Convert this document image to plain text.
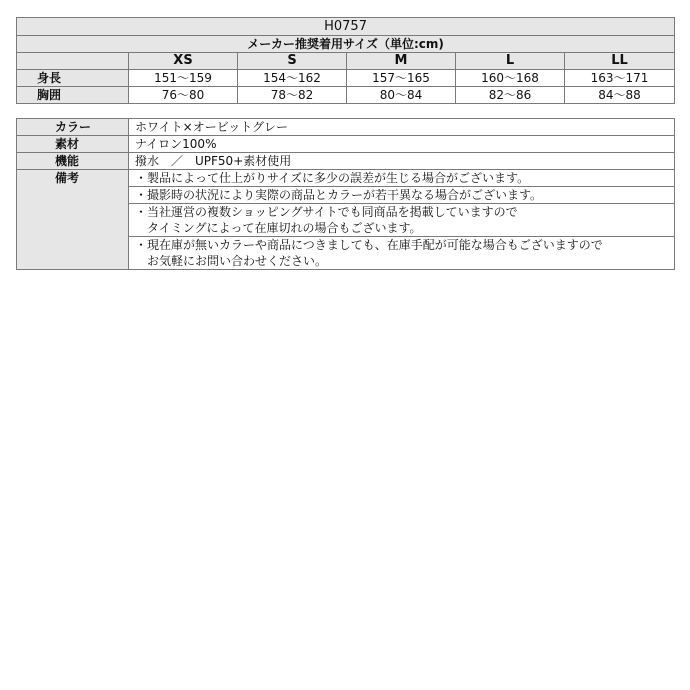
H0757					
メーカー推奨着用サイズ（単位:cm)					
	XS	S	M	L	LL
身長	151～159	154～162	157～165	160～168	163～171
胸囲	76～80	78～82	80～84	82～86	84～88
カラー	ホワイト×オービットグレー
素材	ナイロン100%
機能	撥水　／　UPF50+素材使用
備考	・製品によって仕上がりサイズに多少の誤差が生じる場合がございます。
	・撮影時の状況により実際の商品とカラーが若干異なる場合がございます。
	・当社運営の複数ショッピングサイトでも同商品を掲載していますので
　タイミングによって在庫切れの場合もございます。
	・現在庫が無いカラーや商品につきましても、在庫手配が可能な場合もございますので
　お気軽にお問い合わせください。
